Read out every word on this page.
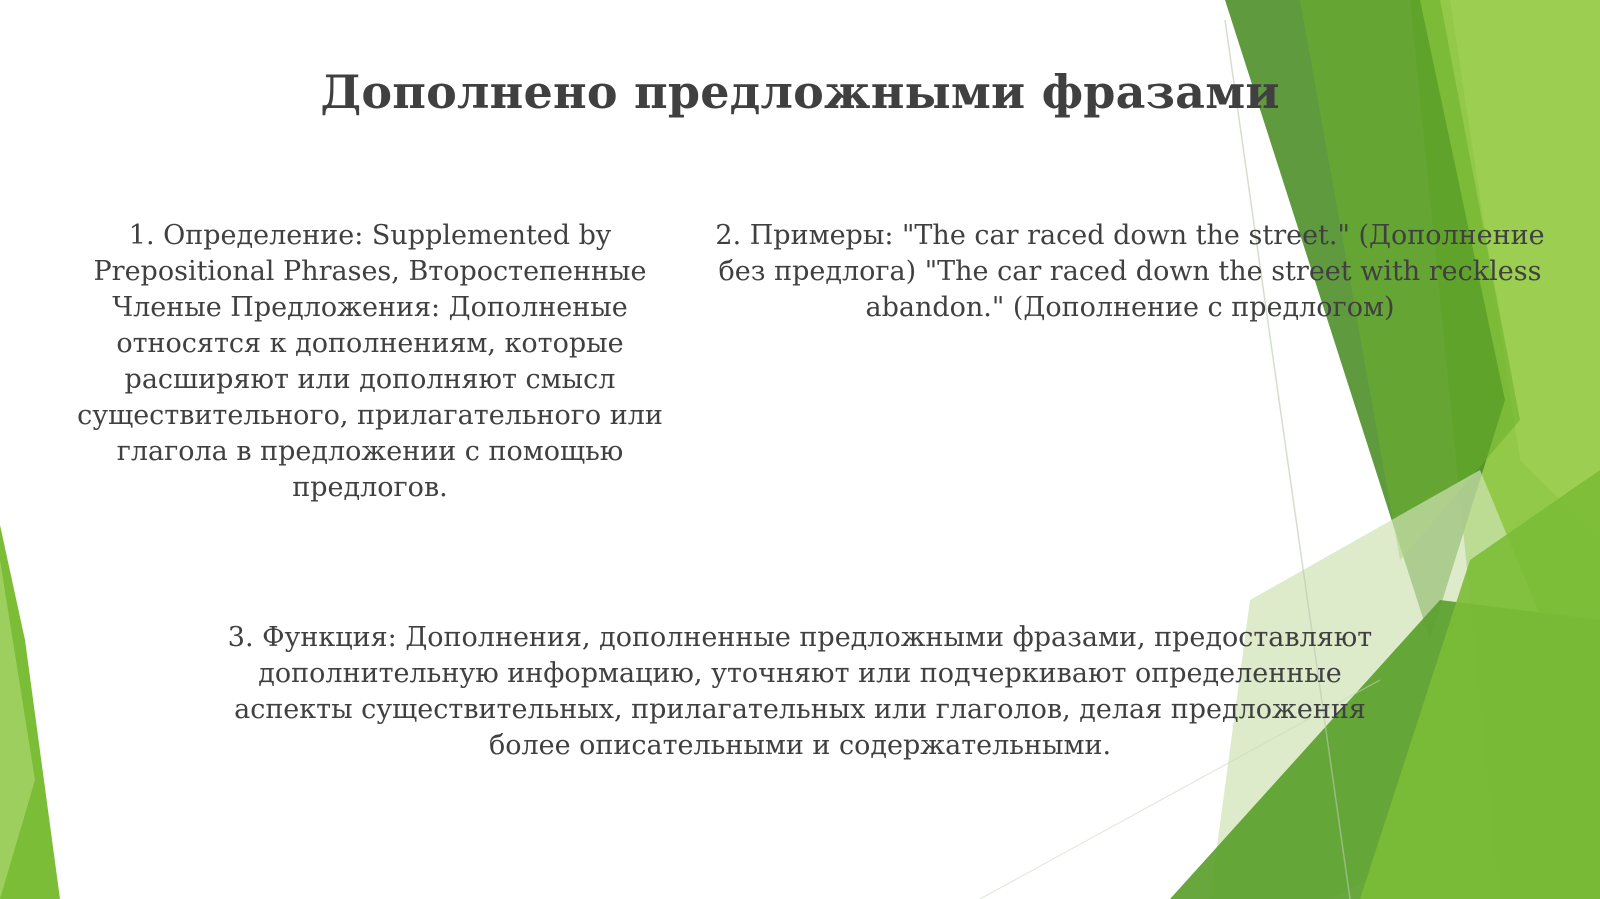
Дополнено предложными фразами
1. Определение: Supplemented by Prepositional Phrases, Второстепенные Членые Предложения: Дополненые относятся к дополнениям, которые расширяют или дополняют смысл существительного, прилагательного или глагола в предложении с помощью предлогов.
2. Примеры: "The car raced down the street." (Дополнение без предлога) "The car raced down the street with reckless abandon." (Дополнение с предлогом)
3. Функция: Дополнения, дополненные предложными фразами, предоставляют дополнительную информацию, уточняют или подчеркивают определенные аспекты существительных, прилагательных или глаголов, делая предложения более описательными и содержательными.
